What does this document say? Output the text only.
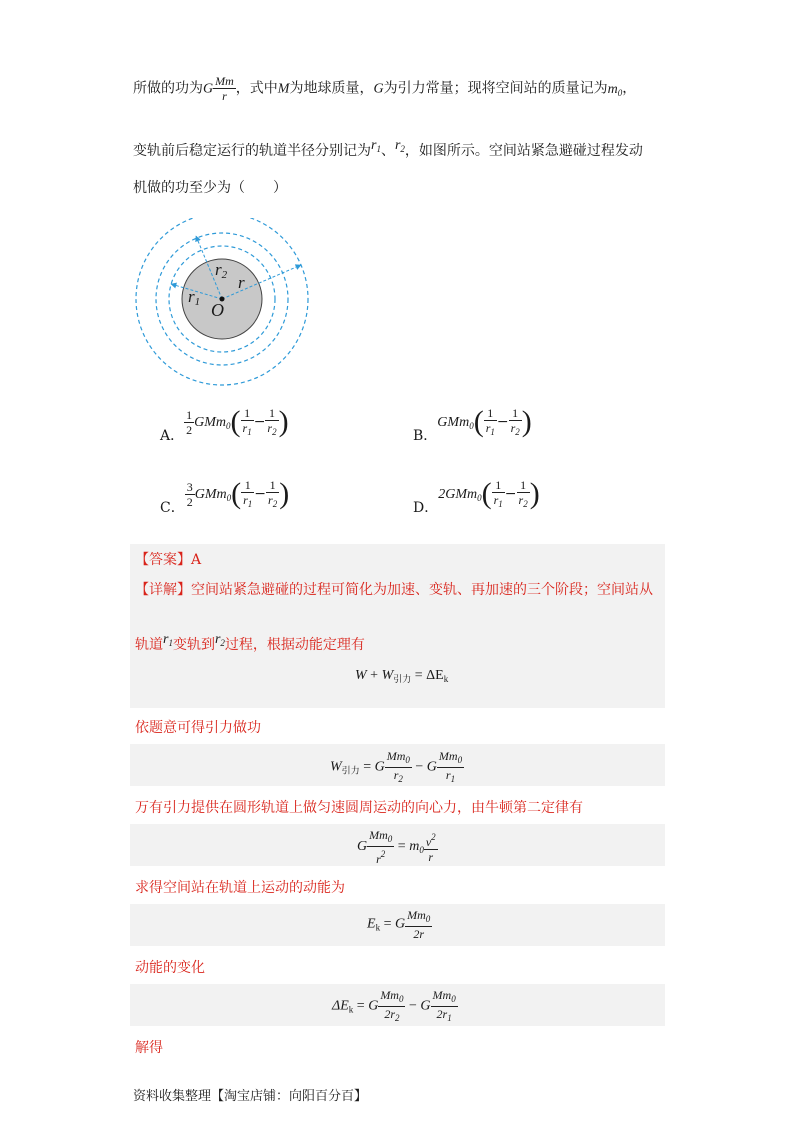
所做的功为G $\frac{Mm}{r}$ ，式中M为地球质量，G为引力常量；现将空间站的质量记为$m_0$，
变轨前后稳定运行的轨道半径分别记为$r_1$、$r_2$，如图所示。空间站紧急避碰过程发动
机做的功至少为（　　）
$r_2$
$r_1$
r
O
A． $\frac{1}{2} GMm_0( \frac{1}{r_1} - \frac{1}{r_2}$ )	B．$GMm_0( \frac{1}{r_1} - \frac{1}{r_2}$ )
C． $\frac{3}{2} GMm_0( \frac{1}{r_1} - \frac{1}{r_2}$ )	D．$2GMm_0( \frac{1}{r_1} - \frac{1}{r_2}$ )
【答案】A
【详解】空间站紧急避碰的过程可简化为加速、变轨、再加速的三个阶段；空间站从
轨道$r_1$变轨到$r_2$过程，根据动能定理有
$W + W_{引力} = \Delta E_k$
依题意可得引力做功
$W_{引力} = G \frac{Mm_0}{r_2} - G \frac{Mm_0}{r_1}$
万有引力提供在圆形轨道上做匀速圆周运动的向心力，由牛顿第二定律有
G $\frac{Mm_0}{r^2} = m_0 \frac{v^2}{r}$
求得空间站在轨道上运动的动能为
$E_k = G \frac{Mm_0}{2r}$
动能的变化
$\Delta E_k = G \frac{Mm_0}{2r_2} - G \frac{Mm_0}{2r_1}$
解得
资料收集整理【淘宝店铺：向阳百分百】
